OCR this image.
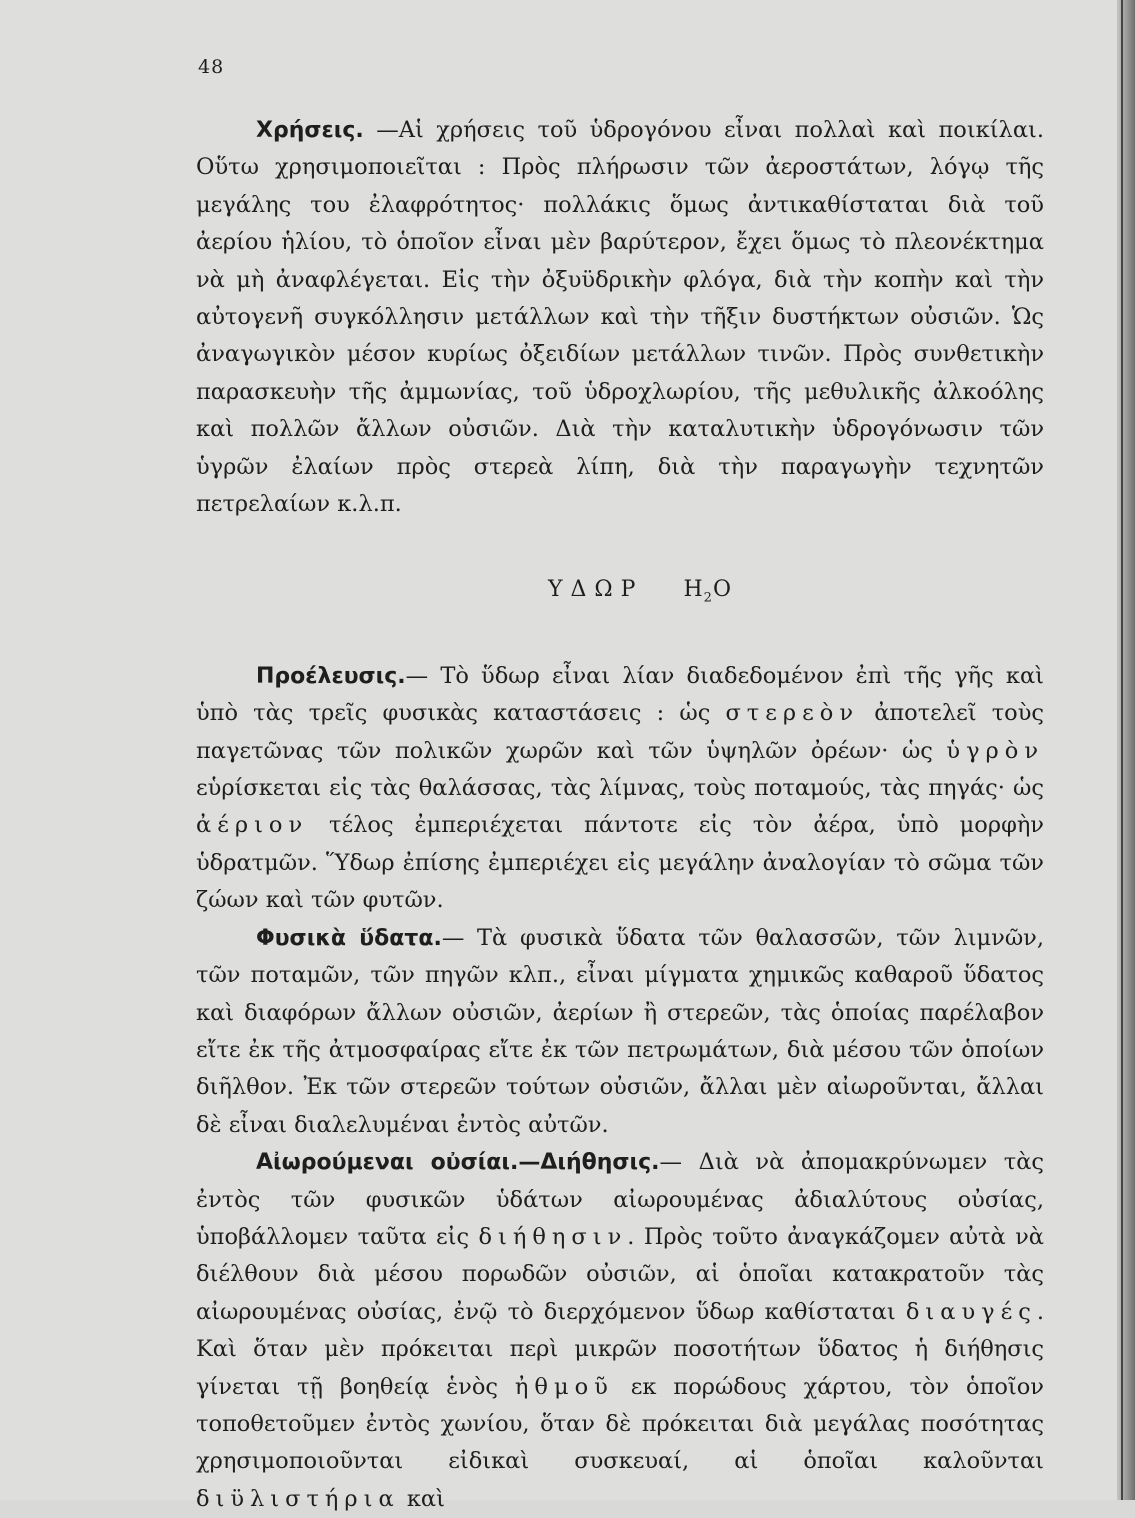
48

Χρήσεις. —Αἱ χρήσεις τοῦ ὑδρογόνου εἶναι πολλαὶ καὶ ποικίλαι. Οὕτω χρησιμοποιεῖται : Πρὸς πλήρωσιν τῶν ἀεροστάτων, λόγῳ τῆς μεγάλης του ἐλαφρότητος· πολλάκις ὅμως ἀντικαθίσταται διὰ τοῦ ἀερίου ἡλίου, τὸ ὁποῖον εἶναι μὲν βαρύτερον, ἔχει ὅμως τὸ πλεονέκτημα νὰ μὴ ἀναφλέγεται. Εἰς τὴν ὀξυϋδρικὴν φλόγα, διὰ τὴν κοπὴν καὶ τὴν αὐτογενῆ συγκόλλησιν μετάλλων καὶ τὴν τῆξιν δυστήκτων οὐσιῶν. Ὡς ἀναγωγικὸν μέσον κυρίως ὀξειδίων μετάλλων τινῶν. Πρὸς συνθετικὴν παρασκευὴν τῆς ἀμμωνίας, τοῦ ὑδροχλωρίου, τῆς μεθυλικῆς ἀλκοόλης καὶ πολλῶν ἄλλων οὐσιῶν. Διὰ τὴν καταλυτικὴν ὑδρογόνωσιν τῶν ὑγρῶν ἐλαίων πρὸς στερεὰ λίπη, διὰ τὴν παραγωγὴν τεχνητῶν πετρελαίων κ.λ.π.

ΥΔΩΡ $H_2O$

Προέλευσις.— Τὸ ὕδωρ εἶναι λίαν διαδεδομένον ἐπὶ τῆς γῆς καὶ ὑπὸ τὰς τρεῖς φυσικὰς καταστάσεις : ὡς στερεὸν ἀποτελεῖ τοὺς παγετῶνας τῶν πολικῶν χωρῶν καὶ τῶν ὑψηλῶν ὀρέων· ὡς ὑγρὸν εὑρίσκεται εἰς τὰς θαλάσσας, τὰς λίμνας, τοὺς ποταμούς, τὰς πηγάς· ὡς ἀέριον τέλος ἐμπεριέχεται πάντοτε εἰς τὸν ἀέρα, ὑπὸ μορφὴν ὑδρατμῶν. Ὕδωρ ἐπίσης ἐμπεριέχει εἰς μεγάλην ἀναλογίαν τὸ σῶμα τῶν ζώων καὶ τῶν φυτῶν.

Φυσικὰ ὕδατα.— Τὰ φυσικὰ ὕδατα τῶν θαλασσῶν, τῶν λιμνῶν, τῶν ποταμῶν, τῶν πηγῶν κλπ., εἶναι μίγματα χημικῶς καθαροῦ ὕδατος καὶ διαφόρων ἄλλων οὐσιῶν, ἀερίων ἢ στερεῶν, τὰς ὁποίας παρέλαβον εἴτε ἐκ τῆς ἀτμοσφαίρας εἴτε ἐκ τῶν πετρωμάτων, διὰ μέσου τῶν ὁποίων διῆλθον. Ἐκ τῶν στερεῶν τούτων οὐσιῶν, ἄλλαι μὲν αἰωροῦνται, ἄλλαι δὲ εἶναι διαλελυμέναι ἐντὸς αὐτῶν.

Αἰωρούμεναι οὐσίαι.—Διήθησις.— Διὰ νὰ ἀπομακρύνωμεν τὰς ἐντὸς τῶν φυσικῶν ὑδάτων αἰωρουμένας ἀδιαλύτους οὐσίας, ὑποβάλλομεν ταῦτα εἰς διήθησιν. Πρὸς τοῦτο ἀναγκάζομεν αὐτὰ νὰ διέλθουν διὰ μέσου πορωδῶν οὐσιῶν, αἱ ὁποῖαι κατακρατοῦν τὰς αἰωρουμένας οὐσίας, ἐνῷ τὸ διερχόμενον ὕδωρ καθίσταται διαυγές. Καὶ ὅταν μὲν πρόκειται περὶ μικρῶν ποσοτήτων ὕδατος ἡ διήθησις γίνεται τῇ βοηθείᾳ ἑνὸς ἠθμοῦ εκ πορώδους χάρτου, τὸν ὁποῖον τοποθετοῦμεν ἐντὸς χωνίου, ὅταν δὲ πρόκειται διὰ μεγάλας ποσότητας χρησιμοποιοῦνται εἰδικαὶ συσκευαί, αἱ ὁποῖαι καλοῦνται διϋλιστήρια καὶ
